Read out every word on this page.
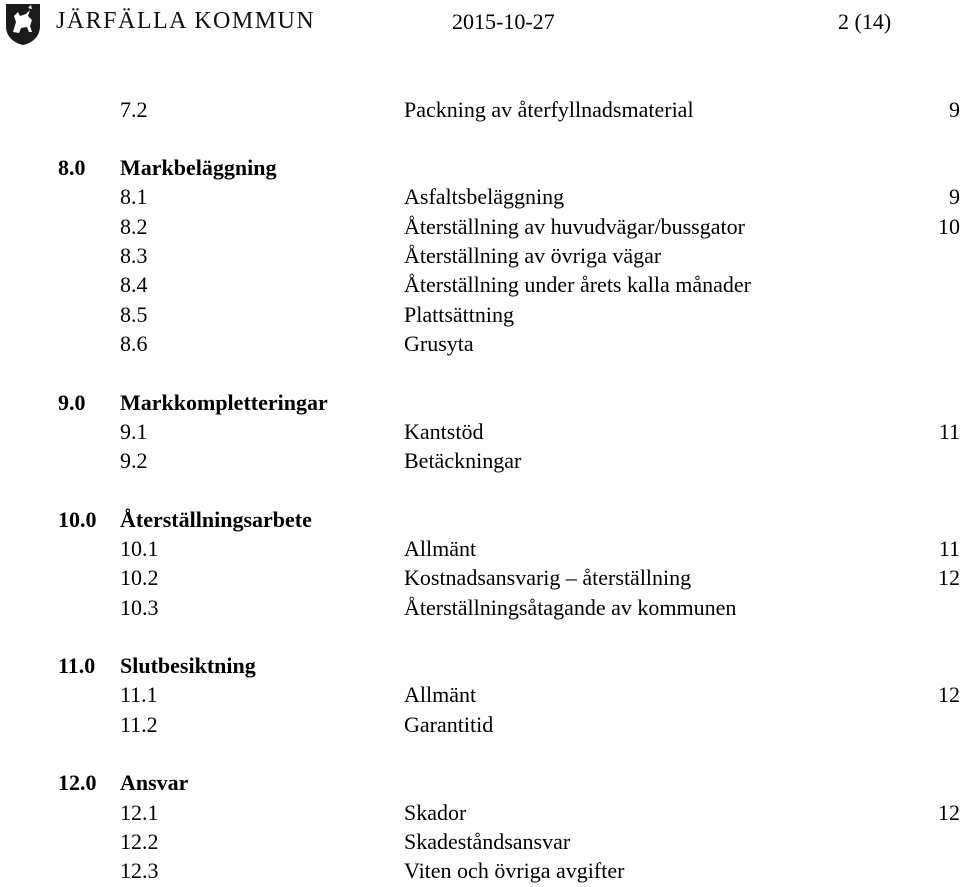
JÄRFÄLLA KOMMUN	2015-10-27	2 (14)
7.2	Packning av återfyllnadsmaterial	9
8.0 Markbeläggning
8.1	Asfaltsbeläggning	9
8.2	Återställning av huvudvägar/bussgator	10
8.3	Återställning av övriga vägar
8.4	Återställning under årets kalla månader
8.5	Plattsättning
8.6	Grusyta
9.0 Markkompletteringar
9.1	Kantstöd	11
9.2	Betäckningar
10.0 Återställningsarbete
10.1	Allmänt	11
10.2	Kostnadsansvarig – återställning	12
10.3	Återställningsåtagande av kommunen
11.0 Slutbesiktning
11.1	Allmänt	12
11.2	Garantitid
12.0 Ansvar
12.1	Skador	12
12.2	Skadeståndsansvar
12.3	Viten och övriga avgifter
